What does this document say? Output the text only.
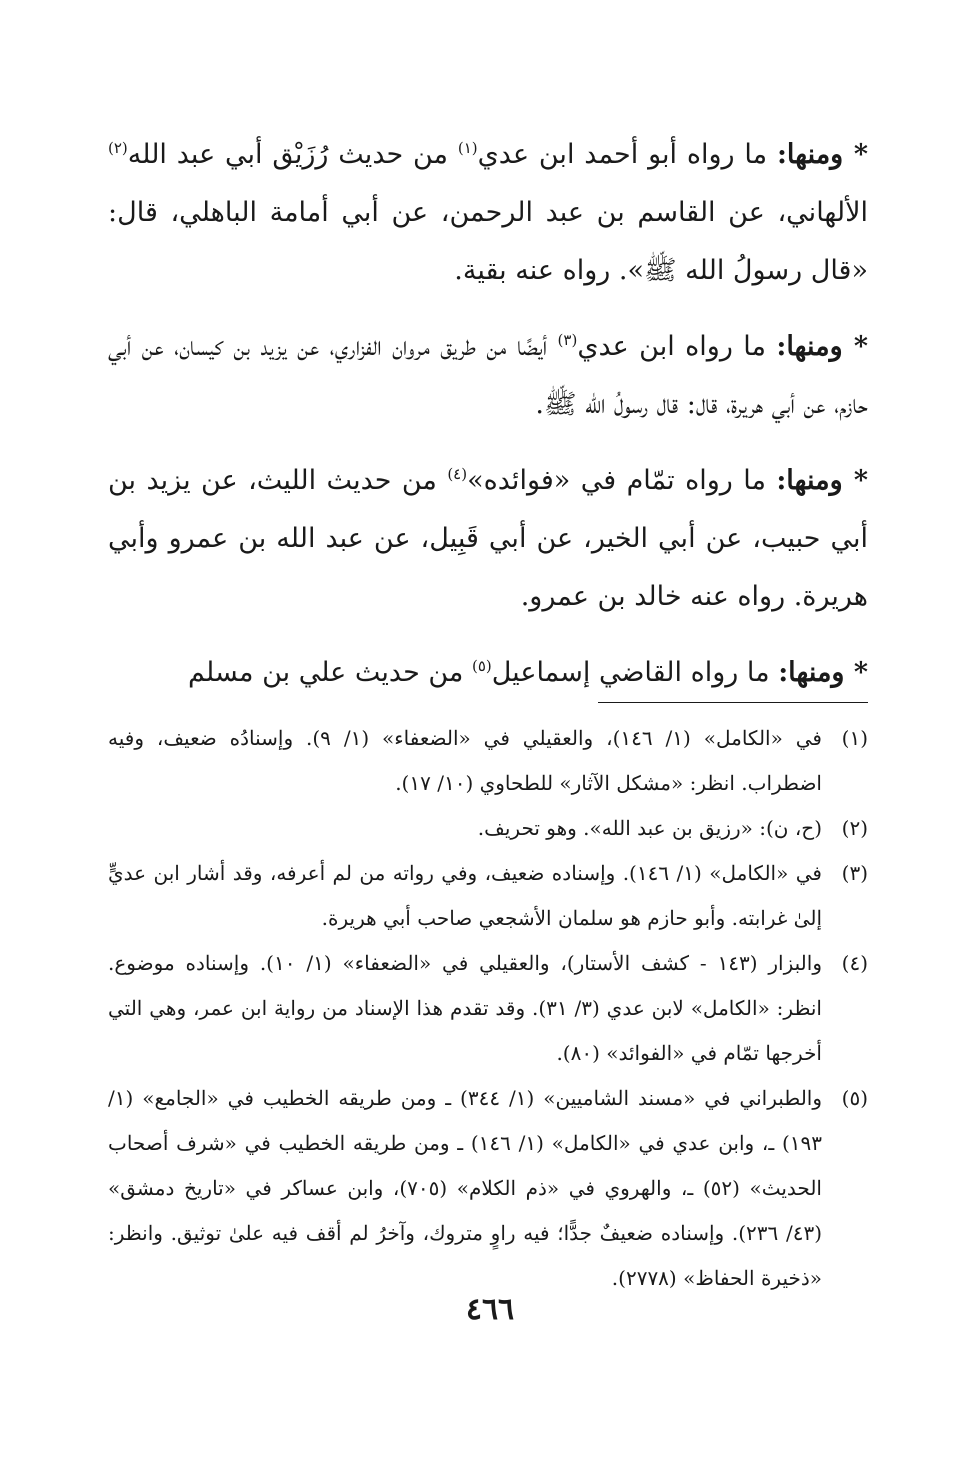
* ومنها: ما رواه أبو أحمد ابن عدي$^{(١)}$ من حديث رُزَيْق أبي عبد الله$^{(٢)}$ الألهاني، عن القاسم بن عبد الرحمن، عن أبي أمامة الباهلي، قال: «قال رسولُ الله ﷺ». رواه عنه بقية.

* ومنها: ما رواه ابن عدي$^{(٣)}$ أيضًا من طريق مروان الفزاري، عن يزيد بن كيسان، عن أبي حازم، عن أبي هريرة، قال: قال رسولُ الله ﷺ.

* ومنها: ما رواه تمّام في «فوائده»$^{(٤)}$ من حديث الليث، عن يزيد بن أبي حبيب، عن أبي الخير، عن أبي قَبِيل، عن عبد الله بن عمرو وأبي هريرة. رواه عنه خالد بن عمرو.

* ومنها: ما رواه القاضي إسماعيل$^{(٥)}$ من حديث علي بن مسلم

(١)
في «الكامل» (١/ ١٤٦)، والعقيلي في «الضعفاء» (١/ ٩). وإسنادُه ضعيف، وفيه اضطراب. انظر: «مشكل الآثار» للطحاوي (١٠/ ١٧).
(٢)
(ح، ن): «رزيق بن عبد الله». وهو تحريف.
(٣)
في «الكامل» (١/ ١٤٦). وإسناده ضعيف، وفي رواته من لم أعرفه، وقد أشار ابن عديٍّ إلىٰ غرابته. وأبو حازم هو سلمان الأشجعي صاحب أبي هريرة.
(٤)
والبزار (١٤٣ - كشف الأستار)، والعقيلي في «الضعفاء» (١/ ١٠). وإسناده موضوع. انظر: «الكامل» لابن عدي (٣/ ٣١). وقد تقدم هذا الإسناد من رواية ابن عمر، وهي التي أخرجها تمّام في «الفوائد» (٨٠).
(٥)
والطبراني في «مسند الشاميين» (١/ ٣٤٤) ـ ومن طريقه الخطيب في «الجامع» (١/ ١٩٣) ـ، وابن عدي في «الكامل» (١/ ١٤٦) ـ ومن طريقه الخطيب في «شرف أصحاب الحديث» (٥٢) ـ، والهروي في «ذم الكلام» (٧٠٥)، وابن عساكر في «تاريخ دمشق» (٤٣/ ٢٣٦). وإسناده ضعيفٌ جدًّا؛ فيه راوٍ متروك، وآخرُ لم أقف فيه علىٰ توثيق. وانظر: «ذخيرة الحفاظ» (٢٧٧٨).
٤٦٦
